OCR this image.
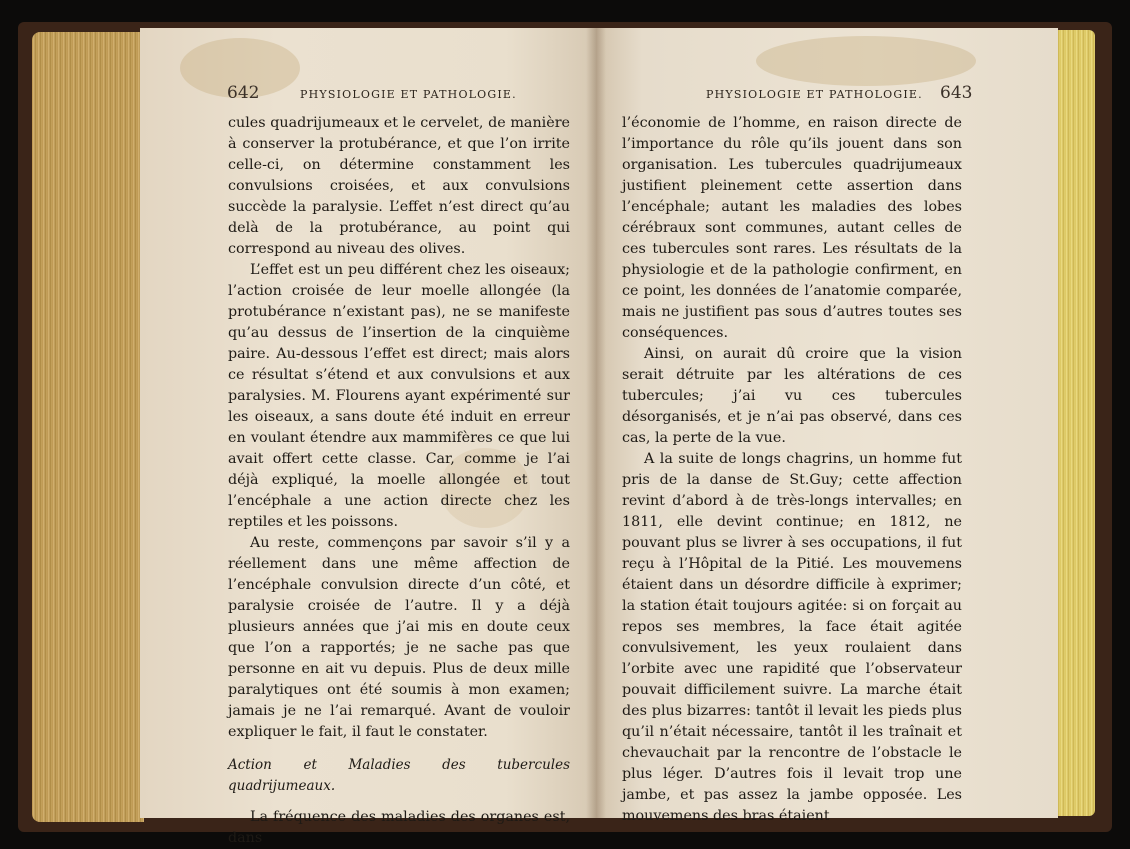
642	PHYSIOLOGIE ET PATHOLOGIE.

cules quadrijumeaux et le cervelet, de manière à conserver la protubérance, et que l’on irrite celle-ci, on détermine constamment les convulsions croisées, et aux convulsions succède la paralysie. L’effet n’est direct qu’au delà de la protubérance, au point qui correspond au niveau des olives.

L’effet est un peu différent chez les oiseaux; l’action croisée de leur moelle allongée (la protubérance n’existant pas), ne se manifeste qu’au dessus de l’insertion de la cinquième paire. Au-dessous l’effet est direct; mais alors ce résultat s’étend et aux convulsions et aux paralysies. M. Flourens ayant expérimenté sur les oiseaux, a sans doute été induit en erreur en voulant étendre aux mammifères ce que lui avait offert cette classe. Car, comme je l’ai déjà expliqué, la moelle allongée et tout l’encéphale a une action directe chez les reptiles et les poissons.

Au reste, commençons par savoir s’il y a réellement dans une même affection de l’encéphale convulsion directe d’un côté, et paralysie croisée de l’autre. Il y a déjà plusieurs années que j’ai mis en doute ceux que l’on a rapportés; je ne sache pas que personne en ait vu depuis. Plus de deux mille paralytiques ont été soumis à mon examen; jamais je ne l’ai remarqué. Avant de vouloir expliquer le fait, il faut le constater.

Action et Maladies des tubercules quadrijumeaux.

La fréquence des maladies des organes est, dans

PHYSIOLOGIE ET PATHOLOGIE. 643

l’économie de l’homme, en raison directe de l’importance du rôle qu’ils jouent dans son organisation. Les tubercules quadrijumeaux justifient pleinement cette assertion dans l’encéphale; autant les maladies des lobes cérébraux sont communes, autant celles de ces tubercules sont rares. Les résultats de la physiologie et de la pathologie confirment, en ce point, les données de l’anatomie comparée, mais ne justifient pas sous d’autres toutes ses conséquences.

Ainsi, on aurait dû croire que la vision serait détruite par les altérations de ces tubercules; j’ai vu ces tubercules désorganisés, et je n’ai pas observé, dans ces cas, la perte de la vue.

A la suite de longs chagrins, un homme fut pris de la danse de St.Guy; cette affection revint d’abord à de très-longs intervalles; en 1811, elle devint continue; en 1812, ne pouvant plus se livrer à ses occupations, il fut reçu à l’Hôpital de la Pitié. Les mouvemens étaient dans un désordre difficile à exprimer; la station était toujours agitée: si on forçait au repos ses membres, la face était agitée convulsivement, les yeux roulaient dans l’orbite avec une rapidité que l’observateur pouvait difficilement suivre. La marche était des plus bizarres: tantôt il levait les pieds plus qu’il n’était nécessaire, tantôt il les traînait et chevauchait par la rencontre de l’obstacle le plus léger. D’autres fois il levait trop une jambe, et pas assez la jambe opposée. Les mouvemens des bras étaient
